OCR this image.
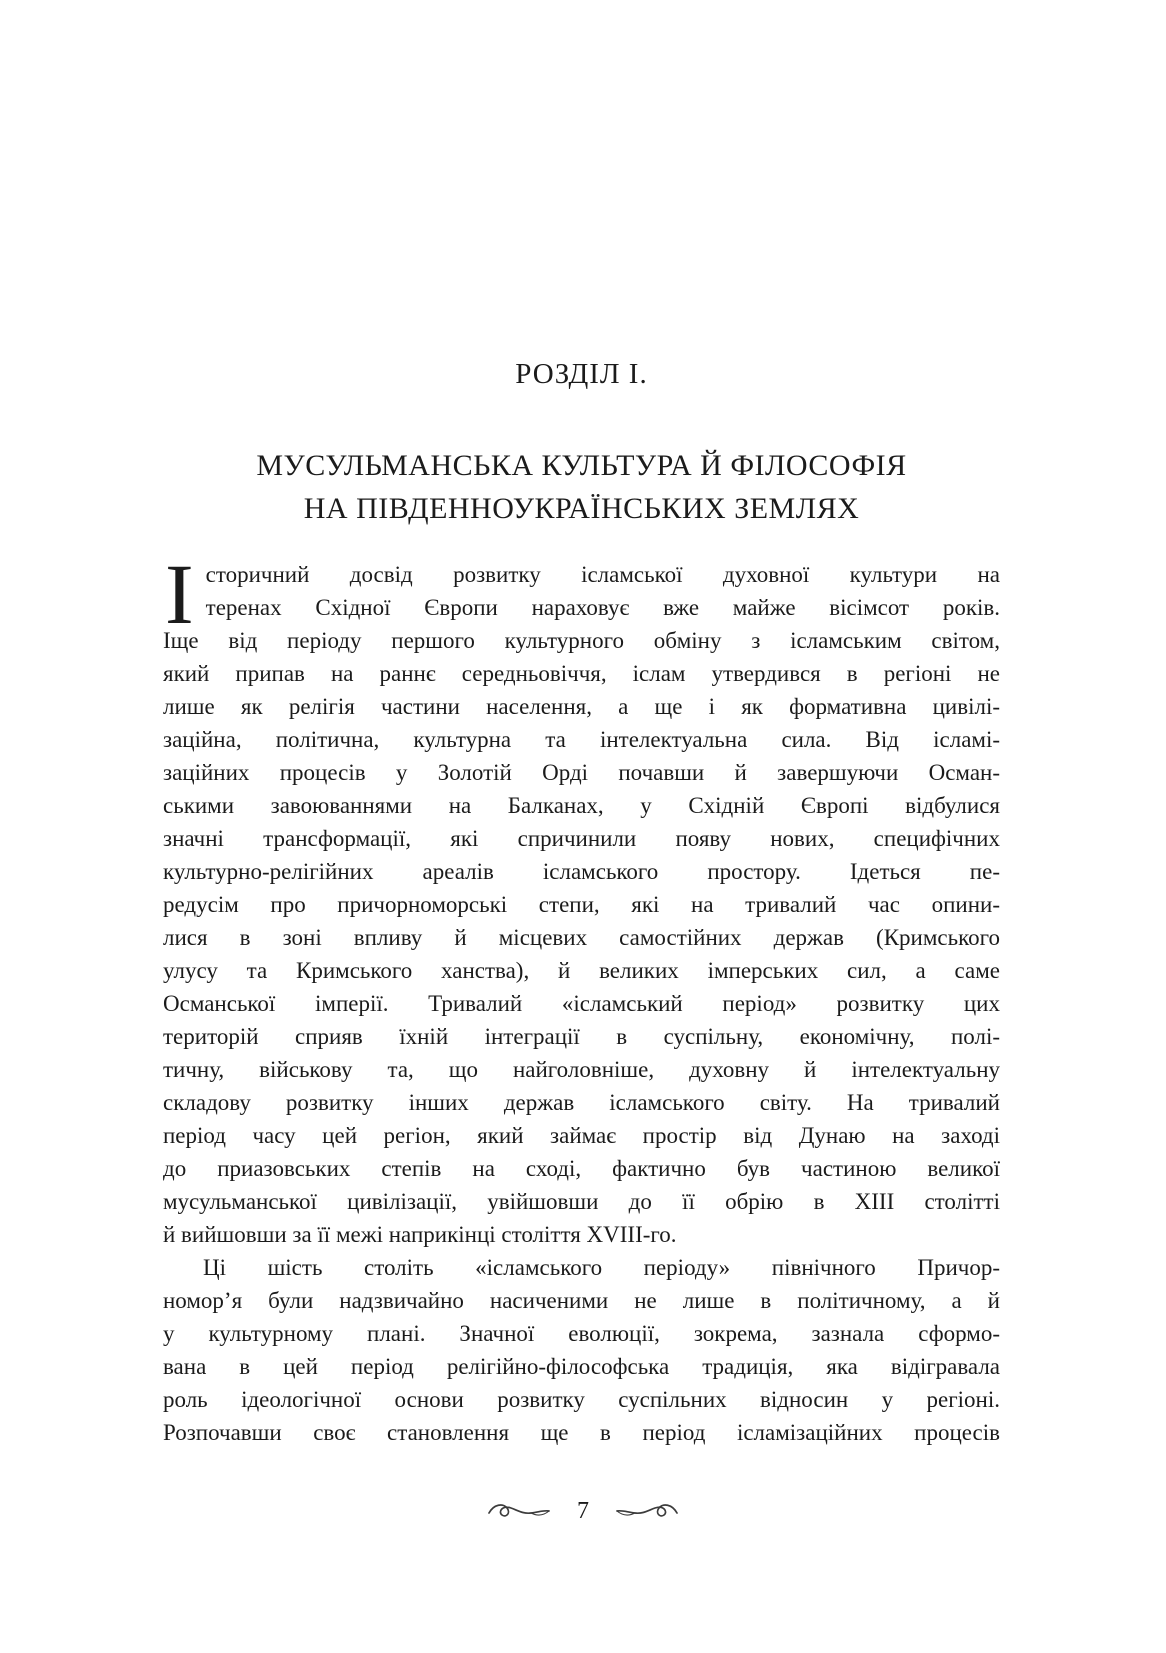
РОЗДІЛ І.
МУСУЛЬМАНСЬКА КУЛЬТУРА Й ФІЛОСОФІЯ
НА ПІВДЕННОУКРАЇНСЬКИХ ЗЕМЛЯХ
І сторичний досвід розвитку ісламської духовної культури на
теренах Східної Європи нараховує вже майже вісімсот років.
Іще від періоду першого культурного обміну з ісламським світом,
який припав на раннє середньовіччя, іслам утвердився в регіоні не
лише як релігія частини населення, а ще і як формативна цивілі-
заційна, політична, культурна та інтелектуальна сила. Від ісламі-
заційних процесів у Золотій Орді почавши й завершуючи Осман-
ськими завоюваннями на Балканах, у Східній Європі відбулися
значні трансформації, які спричинили появу нових, специфічних
культурно-релігійних ареалів ісламського простору. Ідеться пе-
редусім про причорноморські степи, які на тривалий час опини-
лися в зоні впливу й місцевих самостійних держав (Кримського
улусу та Кримського ханства), й великих імперських сил, а саме
Османської імперії. Тривалий «ісламський період» розвитку цих
територій сприяв їхній інтеграції в суспільну, економічну, полі-
тичну, військову та, що найголовніше, духовну й інтелектуальну
складову розвитку інших держав ісламського світу. На тривалий
період часу цей регіон, який займає простір від Дунаю на заході
до приазовських степів на сході, фактично був частиною великої
мусульманської цивілізації, увійшовши до її обрію в XIII столітті
й вийшовши за її межі наприкінці століття XVIII-го.
Ці шість століть «ісламського періоду» північного Причор-
номор’я були надзвичайно насиченими не лише в політичному, а й
у культурному плані. Значної еволюції, зокрема, зазнала сформо-
вана в цей період релігійно-філософська традиція, яка відігравала
роль ідеологічної основи розвитку суспільних відносин у регіоні.
Розпочавши своє становлення ще в період ісламізаційних процесів
7
